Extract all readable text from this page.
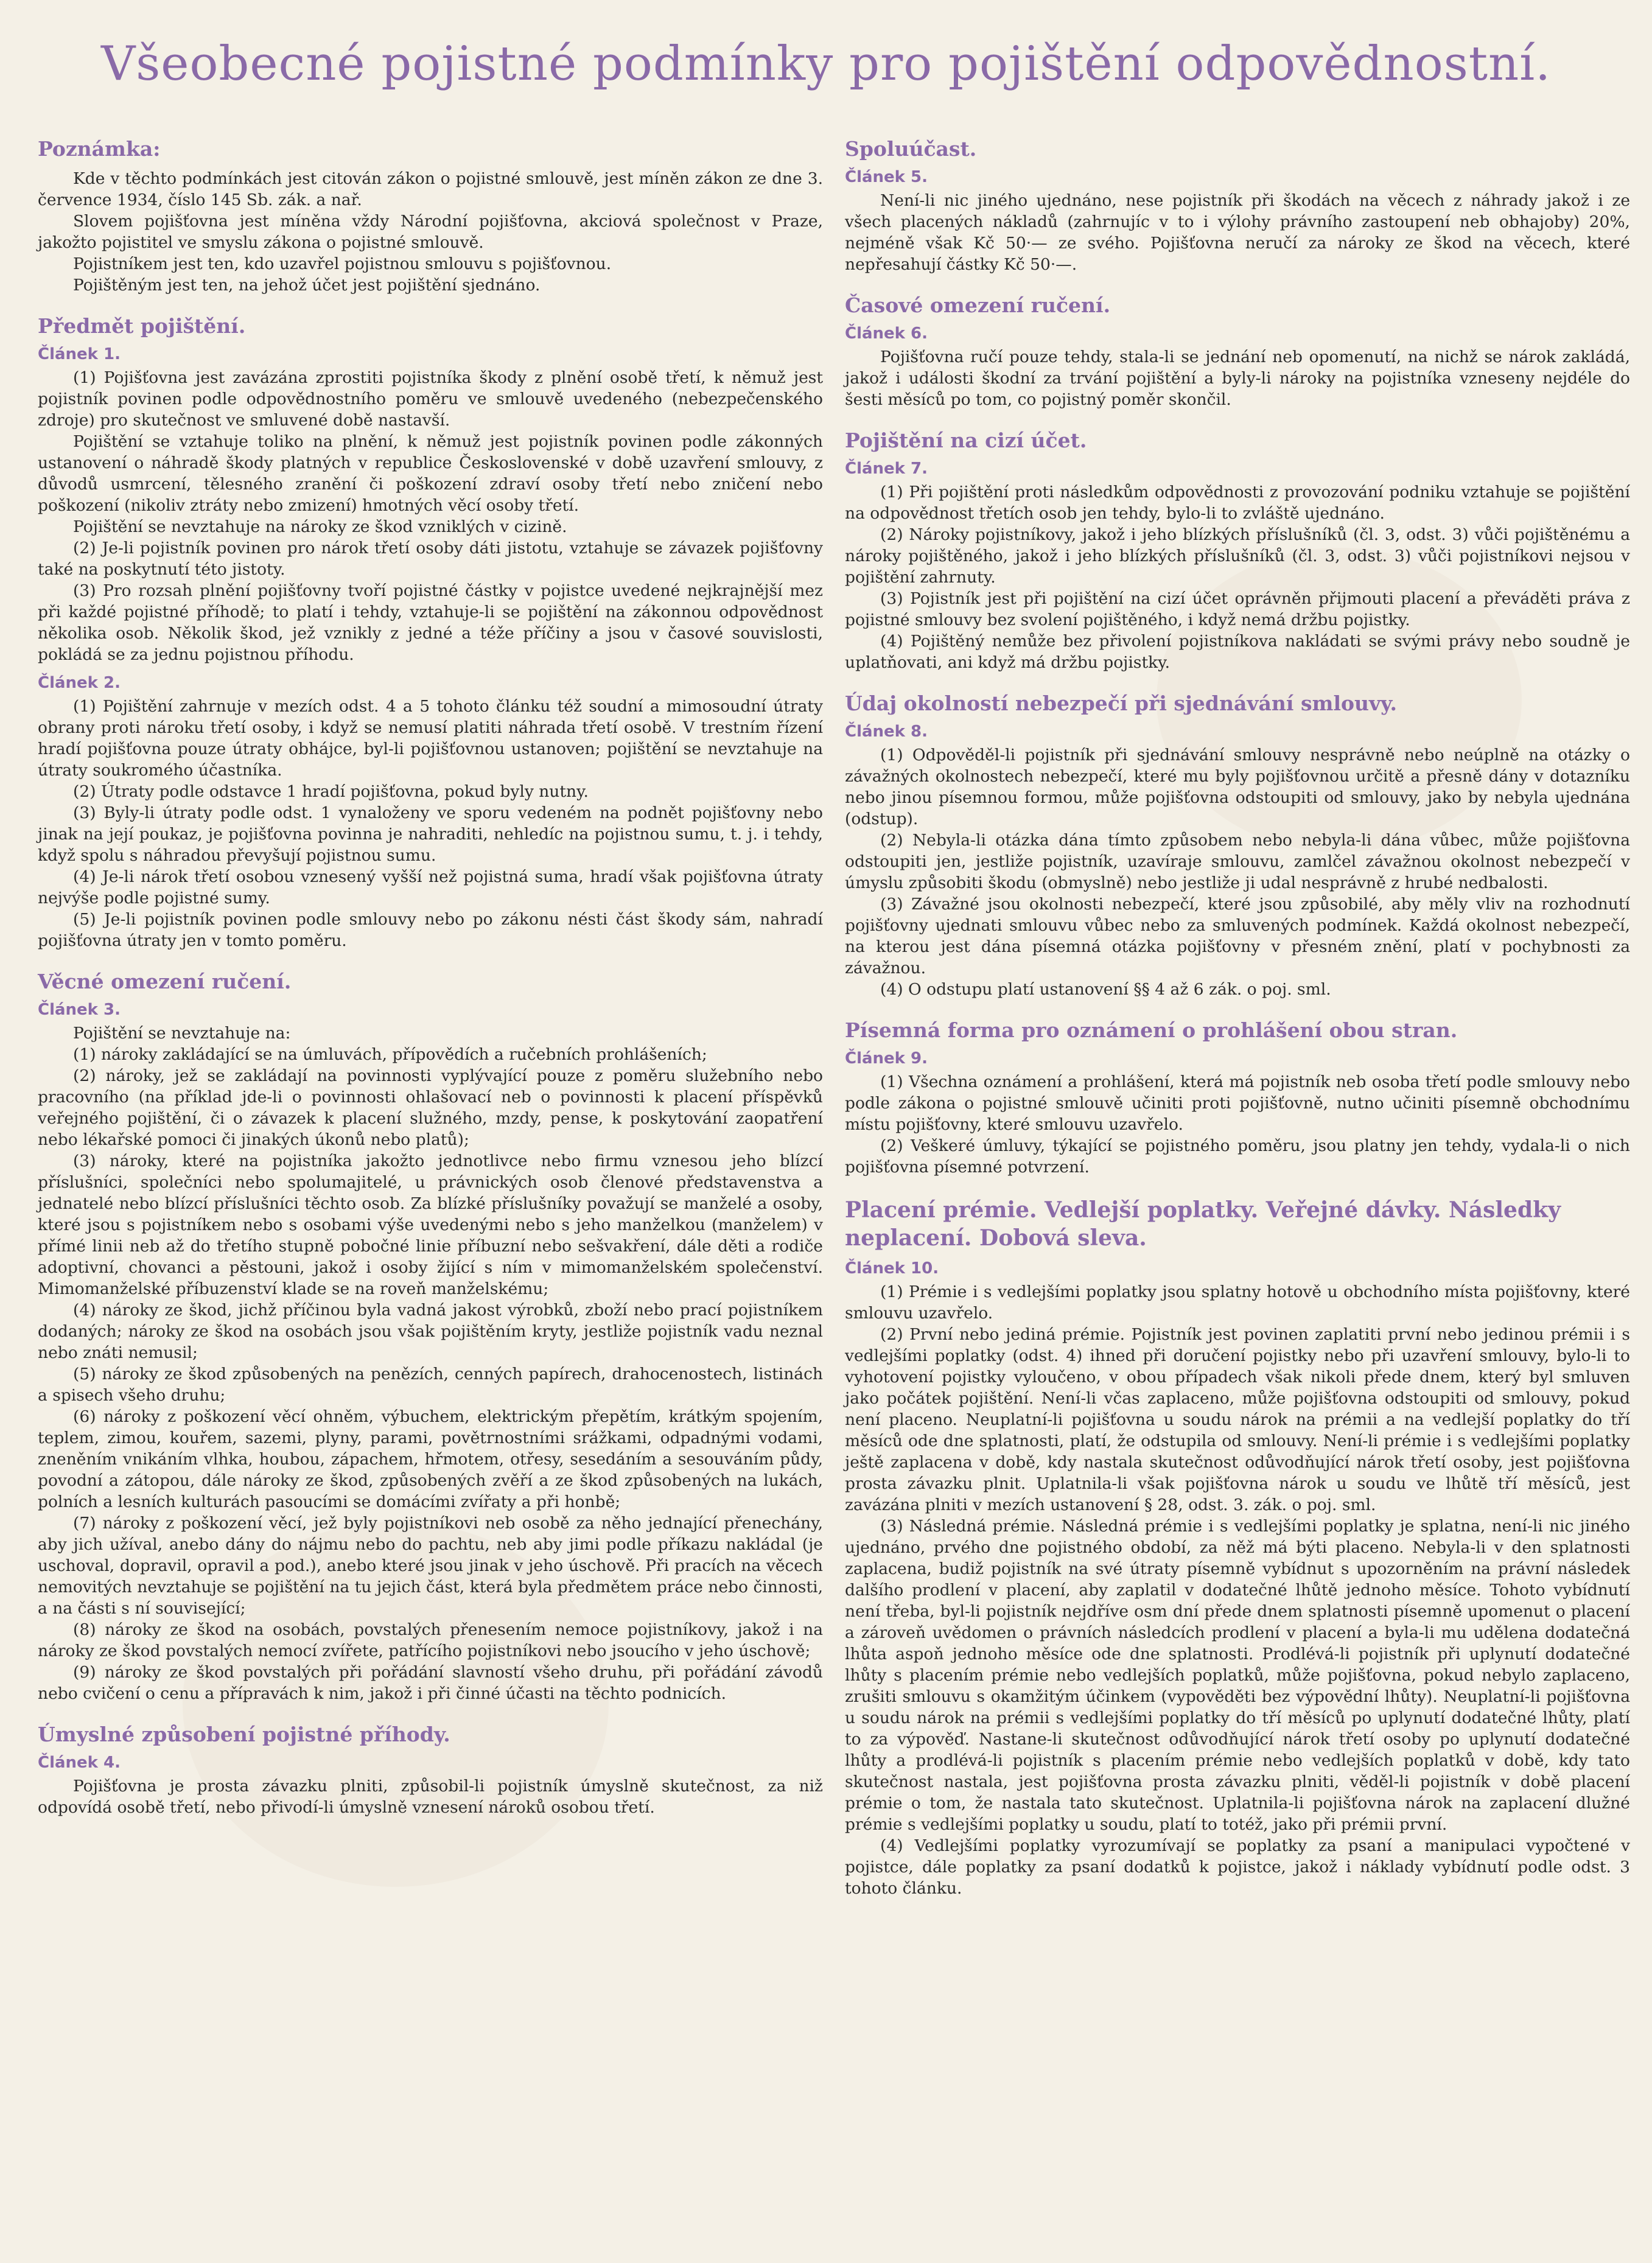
Všeobecné pojistné podmínky pro pojištění odpovědnostní.
Poznámka:

Kde v těchto podmínkách jest citován zákon o pojistné smlouvě, jest míněn zákon ze dne 3. července 1934, číslo 145 Sb. zák. a nař.

Slovem pojišťovna jest míněna vždy Národní pojišťovna, akciová společnost v Praze, jakožto pojistitel ve smyslu zákona o pojistné smlouvě.

Pojistníkem jest ten, kdo uzavřel pojistnou smlouvu s pojišťovnou.

Pojištěným jest ten, na jehož účet jest pojištění sjednáno.

Předmět pojištění.
Článek 1.

(1) Pojišťovna jest zavázána zprostiti pojistníka škody z plnění osobě třetí, k němuž jest pojistník povinen podle odpovědnostního poměru ve smlouvě uvedeného (nebezpečenského zdroje) pro skutečnost ve smluvené době nastavší.

Pojištění se vztahuje toliko na plnění, k němuž jest pojistník povinen podle zákonných ustanovení o náhradě škody platných v republice Československé v době uzavření smlouvy, z důvodů usmrcení, tělesného zranění či poškození zdraví osoby třetí nebo zničení nebo poškození (nikoliv ztráty nebo zmizení) hmotných věcí osoby třetí.

Pojištění se nevztahuje na nároky ze škod vzniklých v cizině.

(2) Je-li pojistník povinen pro nárok třetí osoby dáti jistotu, vztahuje se závazek pojišťovny také na poskytnutí této jistoty.

(3) Pro rozsah plnění pojišťovny tvoří pojistné částky v pojistce uvedené nejkrajnější mez při každé pojistné příhodě; to platí i tehdy, vztahuje-li se pojištění na zákonnou odpovědnost několika osob. Několik škod, jež vznikly z jedné a téže příčiny a jsou v časové souvislosti, pokládá se za jednu pojistnou příhodu.

Článek 2.

(1) Pojištění zahrnuje v mezích odst. 4 a 5 tohoto článku též soudní a mimosoudní útraty obrany proti nároku třetí osoby, i když se nemusí platiti náhrada třetí osobě. V trestním řízení hradí pojišťovna pouze útraty obhájce, byl-li pojišťovnou ustanoven; pojištění se nevztahuje na útraty soukromého účastníka.

(2) Útraty podle odstavce 1 hradí pojišťovna, pokud byly nutny.

(3) Byly-li útraty podle odst. 1 vynaloženy ve sporu vedeném na podnět pojišťovny nebo jinak na její poukaz, je pojišťovna povinna je nahraditi, nehledíc na pojistnou sumu, t. j. i tehdy, když spolu s náhradou převyšují pojistnou sumu.

(4) Je-li nárok třetí osobou vznesený vyšší než pojistná suma, hradí však pojišťovna útraty nejvýše podle pojistné sumy.

(5) Je-li pojistník povinen podle smlouvy nebo po zákonu nésti část škody sám, nahradí pojišťovna útraty jen v tomto poměru.

Věcné omezení ručení.
Článek 3.

Pojištění se nevztahuje na:

(1) nároky zakládající se na úmluvách, přípovědích a ručebních prohlášeních;

(2) nároky, jež se zakládají na povinnosti vyplývající pouze z poměru služebního nebo pracovního (na příklad jde-li o povinnosti ohlašovací neb o povinnosti k placení příspěvků veřejného pojištění, či o závazek k placení služného, mzdy, pense, k poskytování zaopatření nebo lékařské pomoci či jinakých úkonů nebo platů);

(3) nároky, které na pojistníka jakožto jednotlivce nebo firmu vznesou jeho blízcí příslušníci, společníci nebo spolumajitelé, u právnických osob členové představenstva a jednatelé nebo blízcí příslušníci těchto osob. Za blízké příslušníky považují se manželé a osoby, které jsou s pojistníkem nebo s osobami výše uvedenými nebo s jeho manželkou (manželem) v přímé linii neb až do třetího stupně pobočné linie příbuzní nebo sešvakření, dále děti a rodiče adoptivní, chovanci a pěstouni, jakož i osoby žijící s ním v mimomanželském společenství. Mimomanželské příbuzenství klade se na roveň manželskému;

(4) nároky ze škod, jichž příčinou byla vadná jakost výrobků, zboží nebo prací pojistníkem dodaných; nároky ze škod na osobách jsou však pojištěním kryty, jestliže pojistník vadu neznal nebo znáti nemusil;

(5) nároky ze škod způsobených na penězích, cenných papírech, drahocenostech, listinách a spisech všeho druhu;

(6) nároky z poškození věcí ohněm, výbuchem, elektrickým přepětím, krátkým spojením, teplem, zimou, kouřem, sazemi, plyny, parami, povětrnostními srážkami, odpadnými vodami, zneněním vnikáním vlhka, houbou, zápachem, hřmotem, otřesy, sesedáním a sesouváním půdy, povodní a zátopou, dále nároky ze škod, způsobených zvěří a ze škod způsobených na lukách, polních a lesních kulturách pasoucími se domácími zvířaty a při honbě;

(7) nároky z poškození věcí, jež byly pojistníkovi neb osobě za něho jednající přenechány, aby jich užíval, anebo dány do nájmu nebo do pachtu, neb aby jimi podle příkazu nakládal (je uschoval, dopravil, opravil a pod.), anebo které jsou jinak v jeho úschově. Při pracích na věcech nemovitých nevztahuje se pojištění na tu jejich část, která byla předmětem práce nebo činnosti, a na části s ní související;

(8) nároky ze škod na osobách, povstalých přenesením nemoce pojistníkovy, jakož i na nároky ze škod povstalých nemocí zvířete, patřícího pojistníkovi nebo jsoucího v jeho úschově;

(9) nároky ze škod povstalých při pořádání slavností všeho druhu, při pořádání závodů nebo cvičení o cenu a přípravách k nim, jakož i při činné účasti na těchto podnicích.

Úmyslné způsobení pojistné příhody.
Článek 4.

Pojišťovna je prosta závazku plniti, způsobil-li pojistník úmyslně skutečnost, za niž odpovídá osobě třetí, nebo přivodí-li úmyslně vznesení nároků osobou třetí.

Spoluúčast.
Článek 5.

Není-li nic jiného ujednáno, nese pojistník při škodách na věcech z náhrady jakož i ze všech placených nákladů (zahrnujíc v to i výlohy právního zastoupení neb obhajoby) 20%, nejméně však Kč 50·— ze svého. Pojišťovna neručí za nároky ze škod na věcech, které nepřesahují částky Kč 50·—.

Časové omezení ručení.
Článek 6.

Pojišťovna ručí pouze tehdy, stala-li se jednání neb opomenutí, na nichž se nárok zakládá, jakož i události škodní za trvání pojištění a byly-li nároky na pojistníka vzneseny nejdéle do šesti měsíců po tom, co pojistný poměr skončil.

Pojištění na cizí účet.
Článek 7.

(1) Při pojištění proti následkům odpovědnosti z provozování podniku vztahuje se pojištění na odpovědnost třetích osob jen tehdy, bylo-li to zvláště ujednáno.

(2) Nároky pojistníkovy, jakož i jeho blízkých příslušníků (čl. 3, odst. 3) vůči pojištěnému a nároky pojištěného, jakož i jeho blízkých příslušníků (čl. 3, odst. 3) vůči pojistníkovi nejsou v pojištění zahrnuty.

(3) Pojistník jest při pojištění na cizí účet oprávněn přijmouti placení a převáděti práva z pojistné smlouvy bez svolení pojištěného, i když nemá držbu pojistky.

(4) Pojištěný nemůže bez přivolení pojistníkova nakládati se svými právy nebo soudně je uplatňovati, ani když má držbu pojistky.

Údaj okolností nebezpečí při sjednávání smlouvy.
Článek 8.

(1) Odpověděl-li pojistník při sjednávání smlouvy nesprávně nebo neúplně na otázky o závažných okolnostech nebezpečí, které mu byly pojišťovnou určitě a přesně dány v dotazníku nebo jinou písemnou formou, může pojišťovna odstoupiti od smlouvy, jako by nebyla ujednána (odstup).

(2) Nebyla-li otázka dána tímto způsobem nebo nebyla-li dána vůbec, může pojišťovna odstoupiti jen, jestliže pojistník, uzavíraje smlouvu, zamlčel závažnou okolnost nebezpečí v úmyslu způsobiti škodu (obmyslně) nebo jestliže ji udal nesprávně z hrubé nedbalosti.

(3) Závažné jsou okolnosti nebezpečí, které jsou způsobilé, aby měly vliv na rozhodnutí pojišťovny ujednati smlouvu vůbec nebo za smluvených podmínek. Každá okolnost nebezpečí, na kterou jest dána písemná otázka pojišťovny v přesném znění, platí v pochybnosti za závažnou.

(4) O odstupu platí ustanovení §§ 4 až 6 zák. o poj. sml.

Písemná forma pro oznámení o prohlášení obou stran.
Článek 9.

(1) Všechna oznámení a prohlášení, která má pojistník neb osoba třetí podle smlouvy nebo podle zákona o pojistné smlouvě učiniti proti pojišťovně, nutno učiniti písemně obchodnímu místu pojišťovny, které smlouvu uzavřelo.

(2) Veškeré úmluvy, týkající se pojistného poměru, jsou platny jen tehdy, vydala-li o nich pojišťovna písemné potvrzení.

Placení prémie. Vedlejší poplatky. Veřejné dávky. Následky neplacení. Dobová sleva.
Článek 10.

(1) Prémie i s vedlejšími poplatky jsou splatny hotově u obchodního místa pojišťovny, které smlouvu uzavřelo.

(2) První nebo jediná prémie. Pojistník jest povinen zaplatiti první nebo jedinou prémii i s vedlejšími poplatky (odst. 4) ihned při doručení pojistky nebo při uzavření smlouvy, bylo-li to vyhotovení pojistky vyloučeno, v obou případech však nikoli přede dnem, který byl smluven jako počátek pojištění. Není-li včas zaplaceno, může pojišťovna odstoupiti od smlouvy, pokud není placeno. Neuplatní-li pojišťovna u soudu nárok na prémii a na vedlejší poplatky do tří měsíců ode dne splatnosti, platí, že odstupila od smlouvy. Není-li prémie i s vedlejšími poplatky ještě zaplacena v době, kdy nastala skutečnost odůvodňující nárok třetí osoby, jest pojišťovna prosta závazku plnit. Uplatnila-li však pojišťovna nárok u soudu ve lhůtě tří měsíců, jest zavázána plniti v mezích ustanovení § 28, odst. 3. zák. o poj. sml.

(3) Následná prémie. Následná prémie i s vedlejšími poplatky je splatna, není-li nic jiného ujednáno, prvého dne pojistného období, za něž má býti placeno. Nebyla-li v den splatnosti zaplacena, budiž pojistník na své útraty písemně vybídnut s upozorněním na právní následek dalšího prodlení v placení, aby zaplatil v dodatečné lhůtě jednoho měsíce. Tohoto vybídnutí není třeba, byl-li pojistník nejdříve osm dní přede dnem splatnosti písemně upomenut o placení a zároveň uvědomen o právních následcích prodlení v placení a byla-li mu udělena dodatečná lhůta aspoň jednoho měsíce ode dne splatnosti. Prodlévá-li pojistník při uplynutí dodatečné lhůty s placením prémie nebo vedlejších poplatků, může pojišťovna, pokud nebylo zaplaceno, zrušiti smlouvu s okamžitým účinkem (vypověděti bez výpovědní lhůty). Neuplatní-li pojišťovna u soudu nárok na prémii s vedlejšími poplatky do tří měsíců po uplynutí dodatečné lhůty, platí to za výpověď. Nastane-li skutečnost odůvodňující nárok třetí osoby po uplynutí dodatečné lhůty a prodlévá-li pojistník s placením prémie nebo vedlejších poplatků v době, kdy tato skutečnost nastala, jest pojišťovna prosta závazku plniti, věděl-li pojistník v době placení prémie o tom, že nastala tato skutečnost. Uplatnila-li pojišťovna nárok na zaplacení dlužné prémie s vedlejšími poplatky u soudu, platí to totéž, jako při prémii první.

(4) Vedlejšími poplatky vyrozumívají se poplatky za psaní a manipulaci vypočtené v pojistce, dále poplatky za psaní dodatků k pojistce, jakož i náklady vybídnutí podle odst. 3 tohoto článku.
